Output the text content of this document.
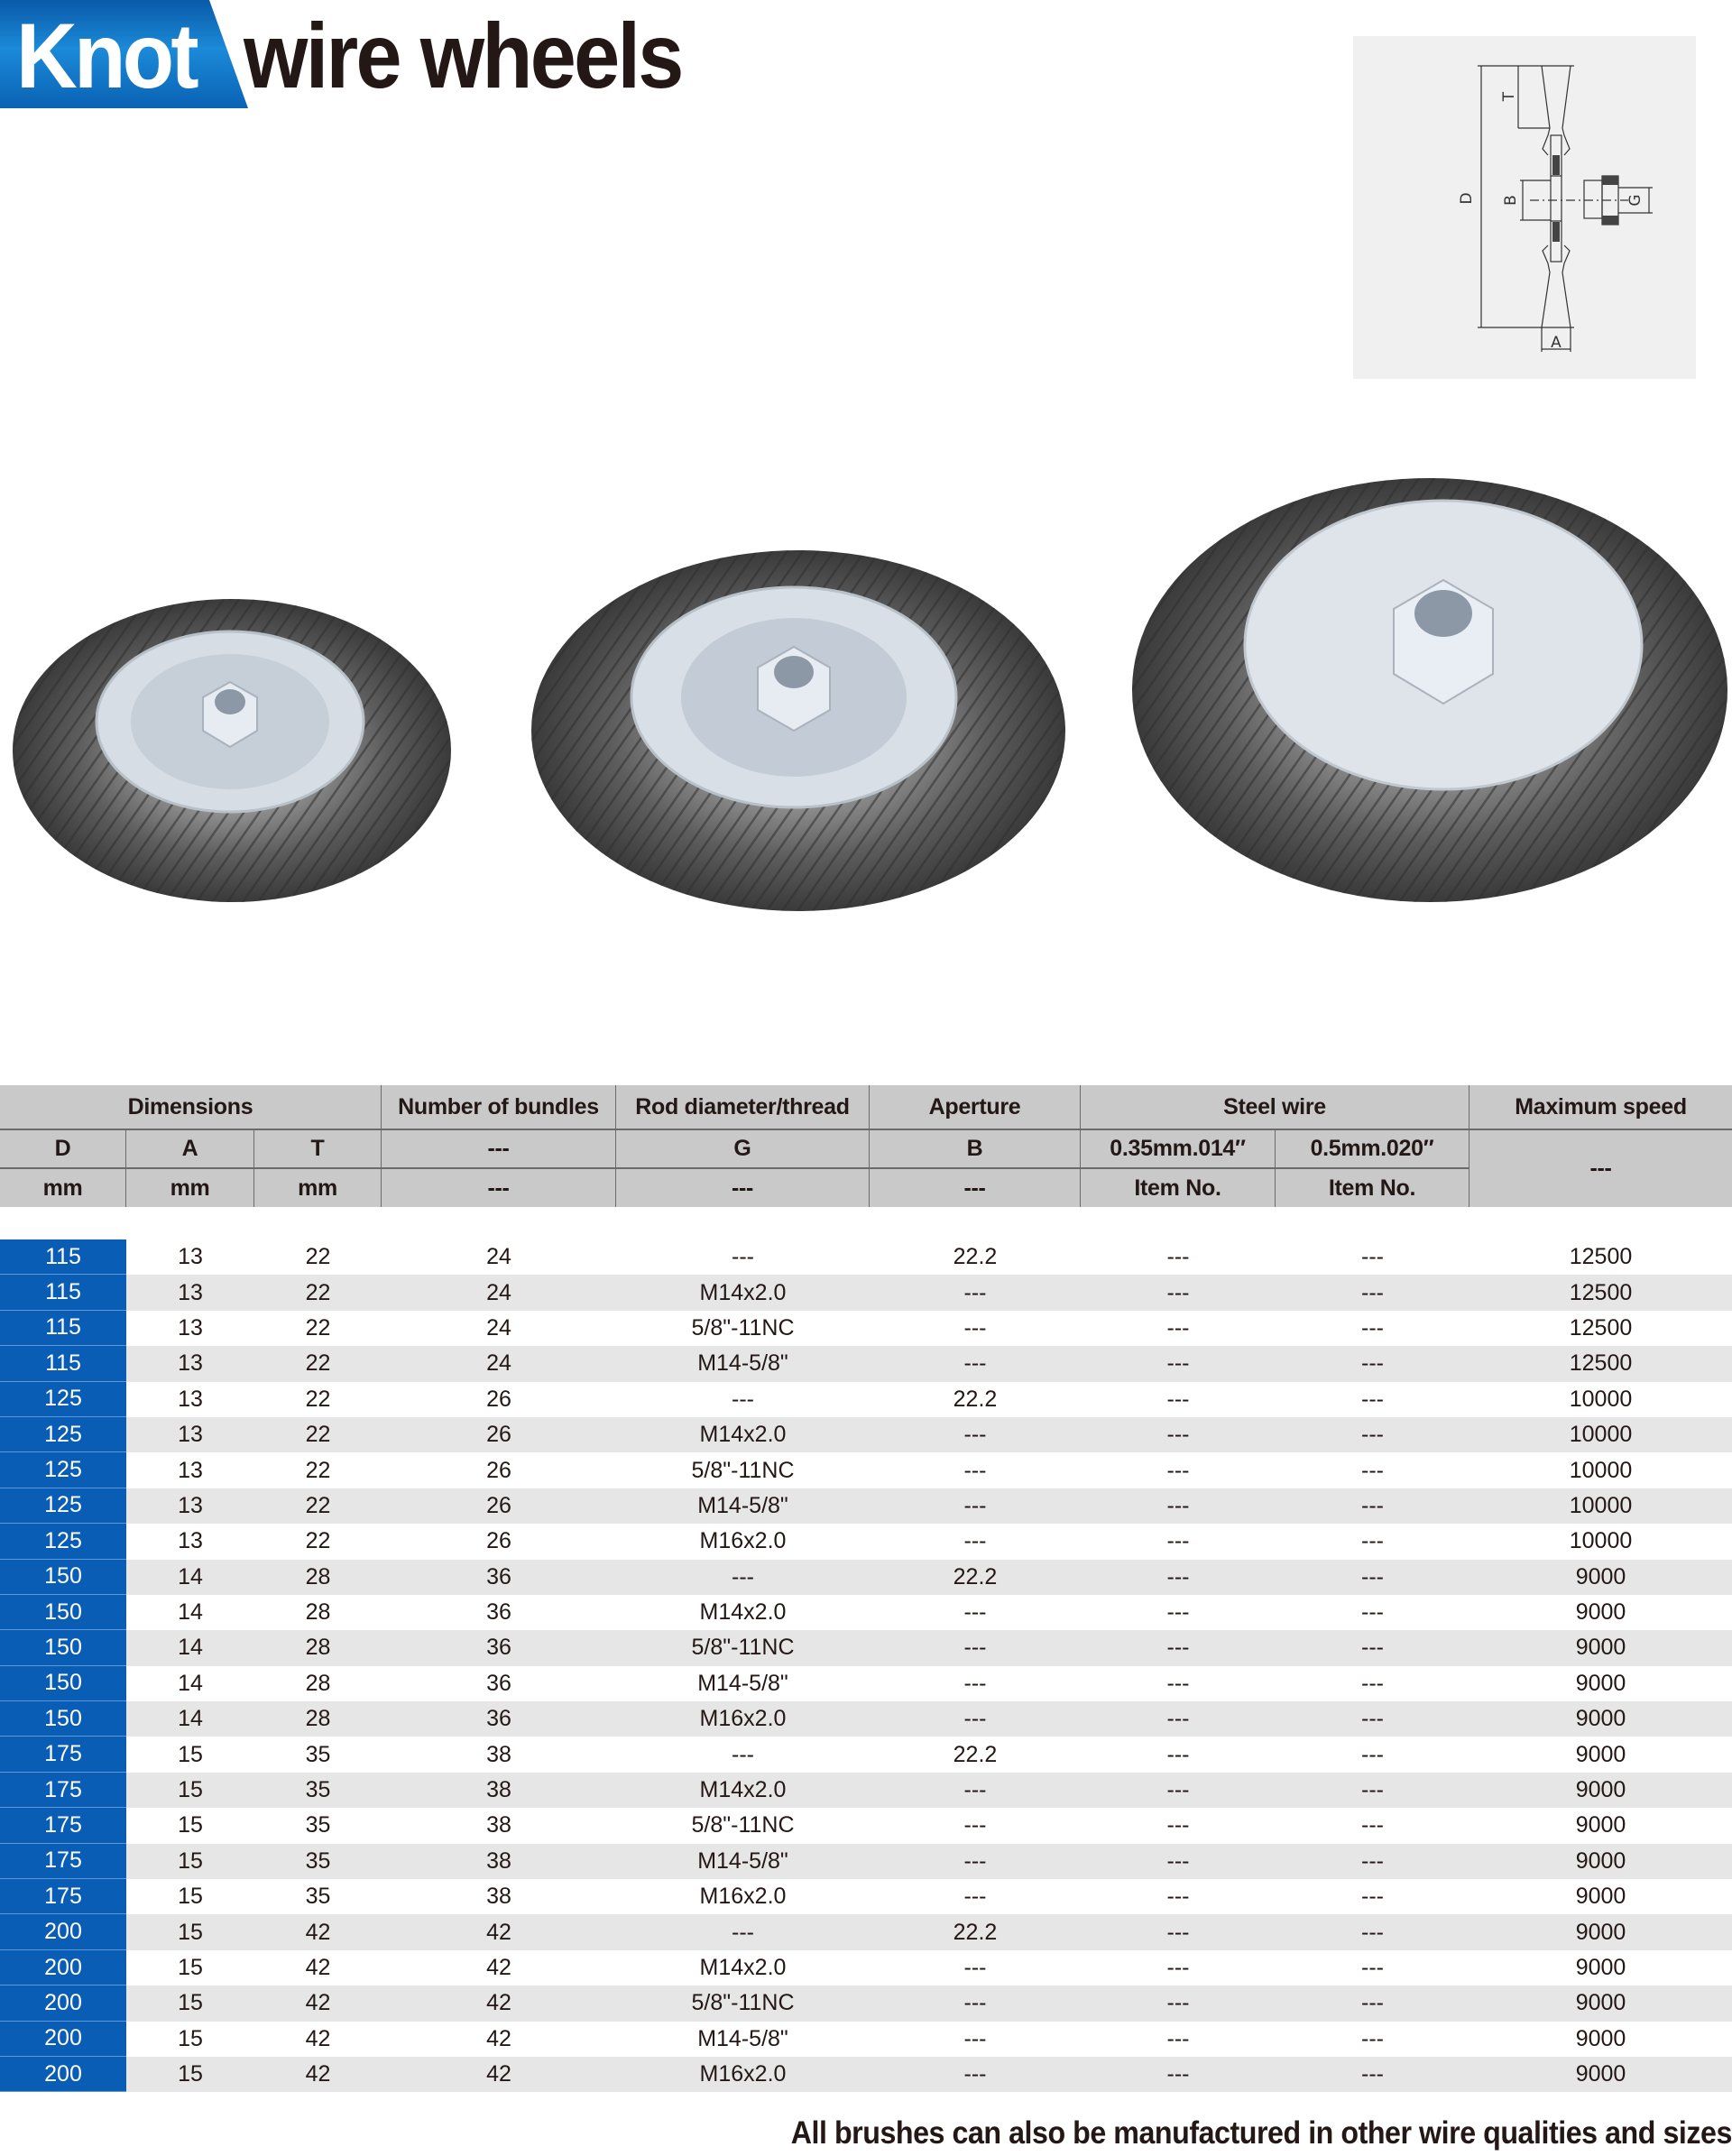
Knot wire wheels
D
T
B	G
A
Dimensions	Number of bundles	Rod diameter/thread	Aperture	Steel wire	Maximum speed
D	A	T	---	G	B	0.35mm.014″	0.5mm.020″
---
mm	mm	mm	---	---	---	Item No.	Item No.
115	13	22	24	---	22.2	---	---	12500
115	13	22	24	M14x2.0	---	---	---	12500
115	13	22	24	5/8"-11NC	---	---	---	12500
115	13	22	24	M14-5/8"	---	---	---	12500
125	13	22	26	---	22.2	---	---	10000
125	13	22	26	M14x2.0	---	---	---	10000
125	13	22	26	5/8"-11NC	---	---	---	10000
125	13	22	26	M14-5/8"	---	---	---	10000
125	13	22	26	M16x2.0	---	---	---	10000
150	14	28	36	---	22.2	---	---	9000
150	14	28	36	M14x2.0	---	---	---	9000
150	14	28	36	5/8"-11NC	---	---	---	9000
150	14	28	36	M14-5/8"	---	---	---	9000
150	14	28	36	M16x2.0	---	---	---	9000
175	15	35	38	---	22.2	---	---	9000
175	15	35	38	M14x2.0	---	---	---	9000
175	15	35	38	5/8"-11NC	---	---	---	9000
175	15	35	38	M14-5/8"	---	---	---	9000
175	15	35	38	M16x2.0	---	---	---	9000
200	15	42	42	---	22.2	---	---	9000
200	15	42	42	M14x2.0	---	---	---	9000
200	15	42	42	5/8"-11NC	---	---	---	9000
200	15	42	42	M14-5/8"	---	---	---	9000
200	15	42	42	M16x2.0	---	---	---	9000
All brushes can also be manufactured in other wire qualities and sizes
